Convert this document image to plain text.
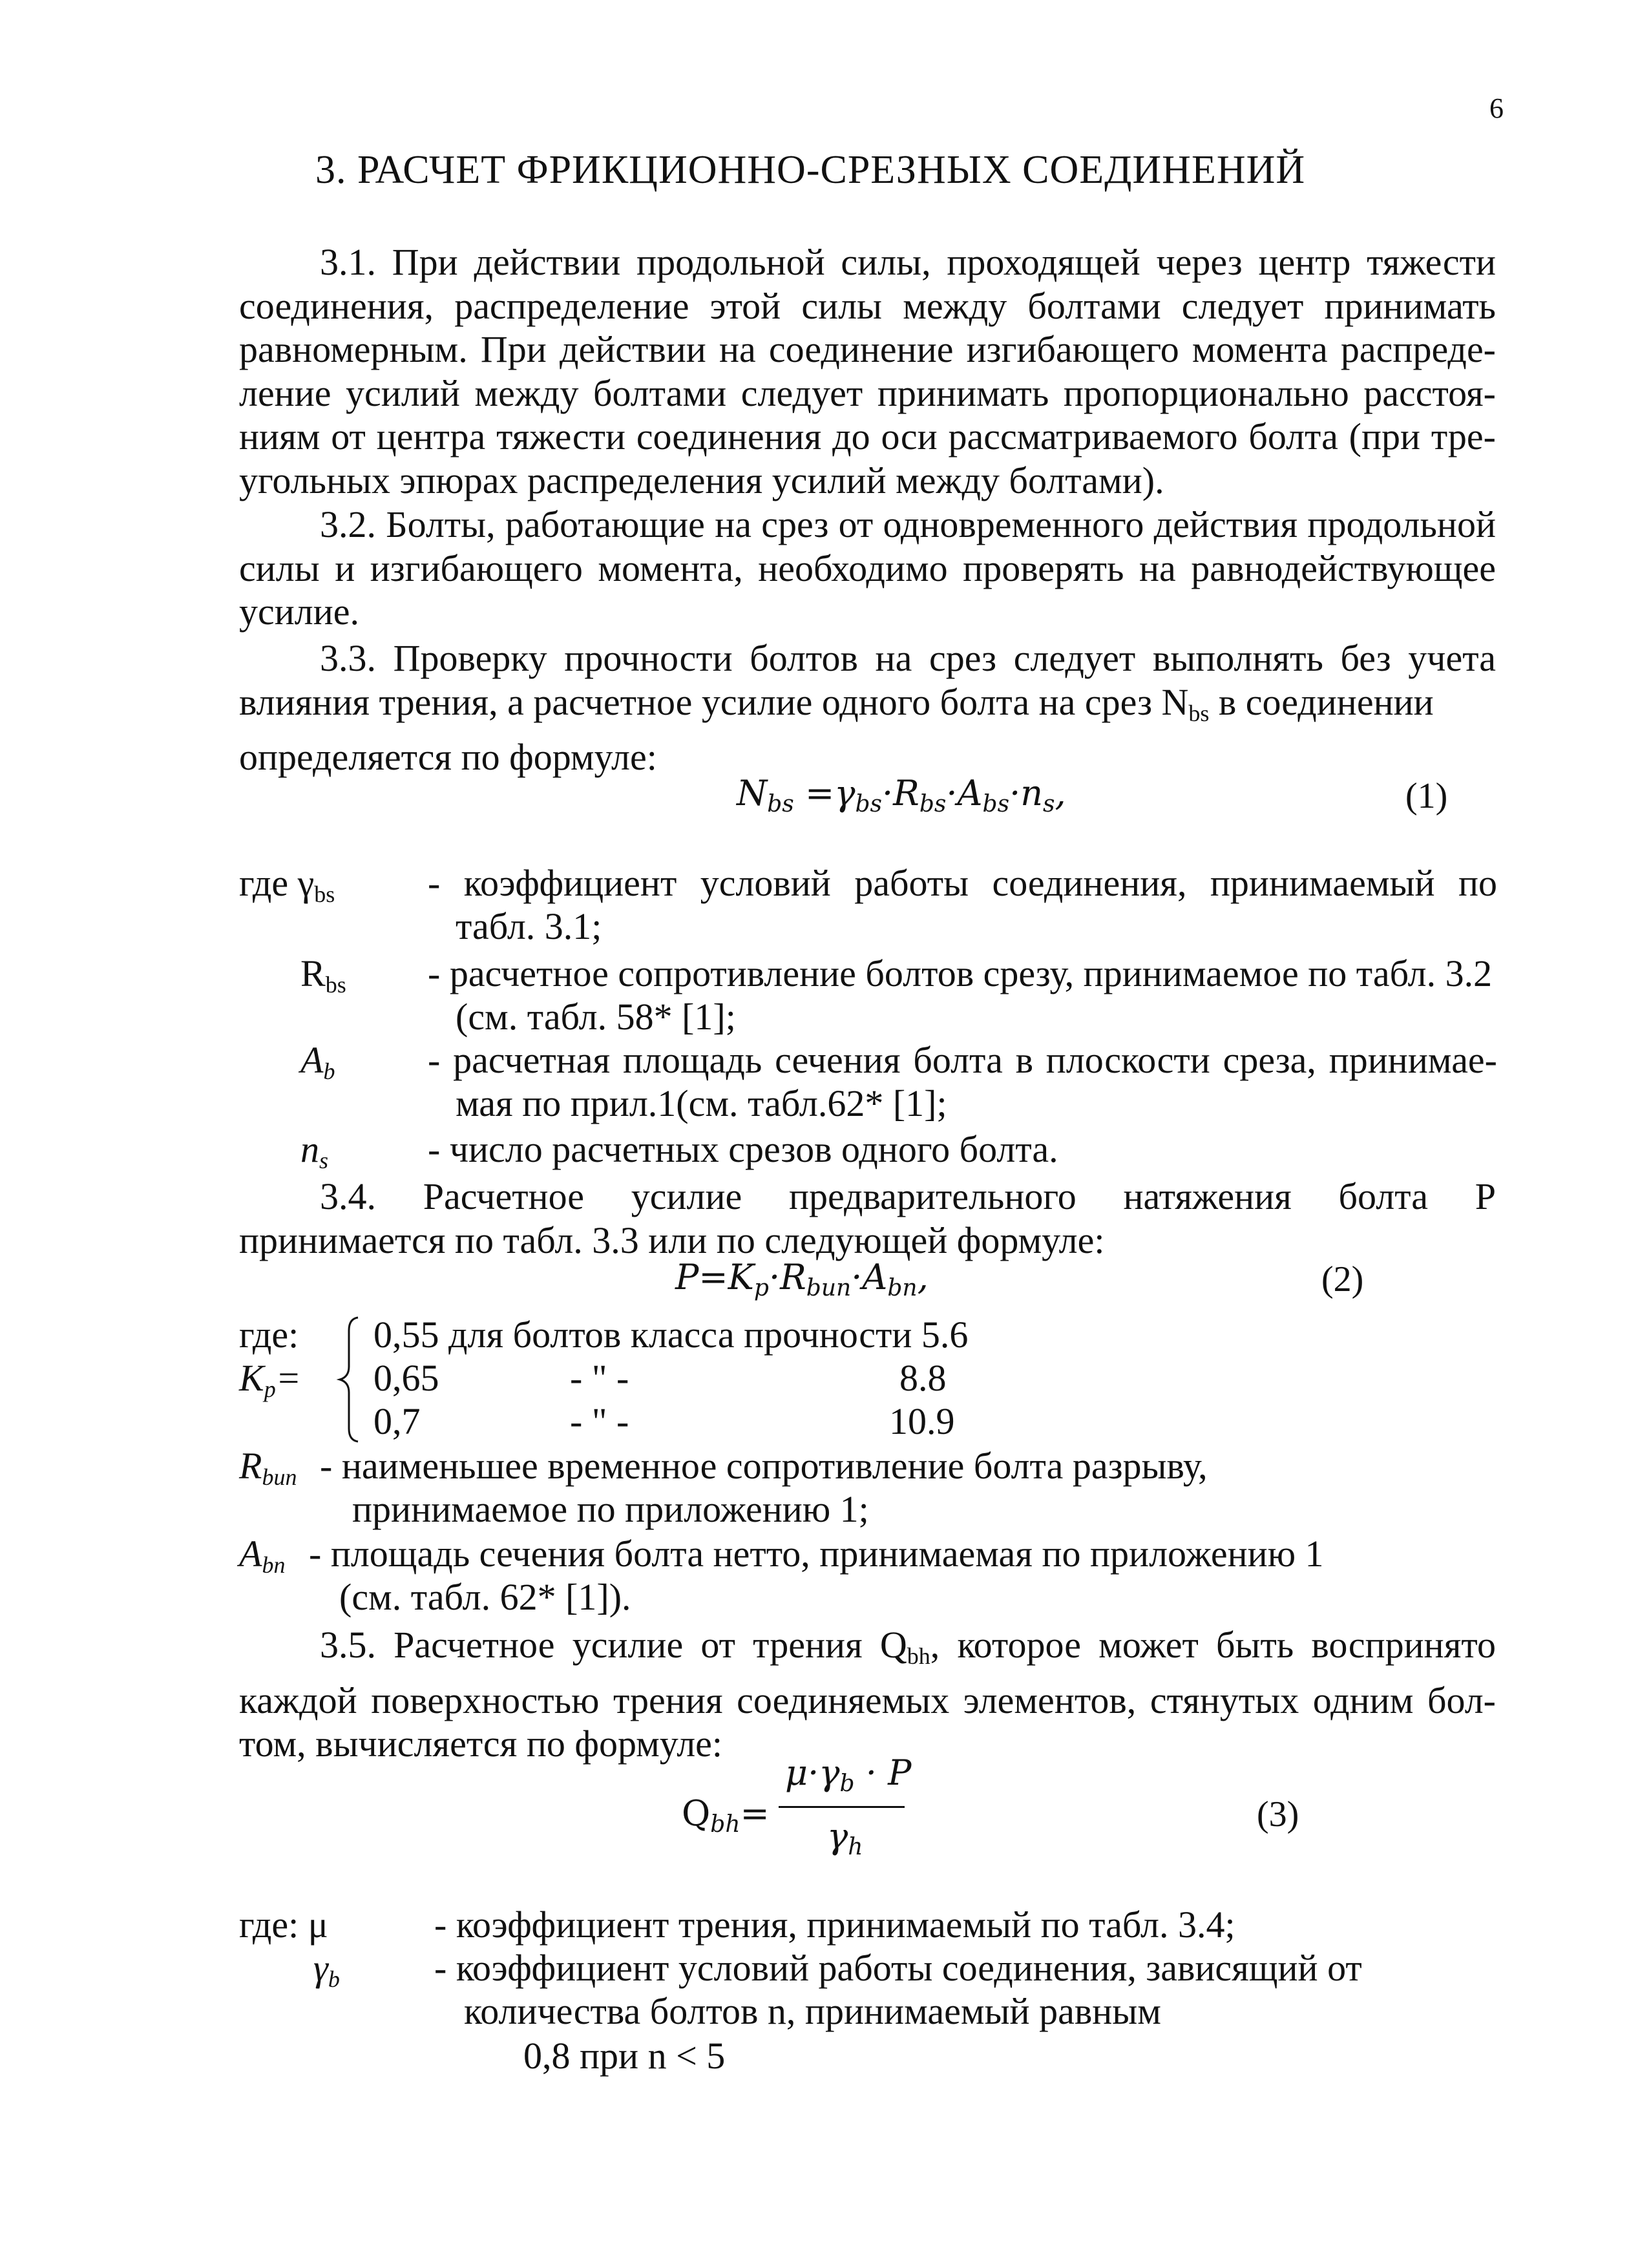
6
3. РАСЧЕТ ФРИКЦИОННО-СРЕЗНЫХ СОЕДИНЕНИЙ
3.1. При действии продольной силы, проходящей через центр тяжести
соединения, распределение этой силы между болтами следует принимать
равномерным. При действии на соединение изгибающего момента распреде-
ление усилий между болтами следует принимать пропорционально расстоя-
ниям от центра тяжести соединения до оси рассматриваемого болта (при тре-
угольных эпюрах распределения усилий между болтами).
3.2. Болты, работающие на срез от одновременного действия продольной
силы и изгибающего момента, необходимо проверять на равнодействующее
усилие.
3.3. Проверку прочности болтов на срез следует выполнять без учета
влияния трения, а расчетное усилие одного болта на срез $N_{bs}$ в соединении
определяется по формуле:
$N_{bs} =\gamma_{bs}\cdot R_{bs}\cdot A_{bs}\cdot n_s$,	(1)
где $\gamma_{bs}$ - коэффициент условий работы соединения, принимаемый по
табл. 3.1;
$R_{bs}$ - расчетное сопротивление болтов срезу, принимаемое по табл. 3.2
(см. табл. 58* [1];
$A_b$ - расчетная площадь сечения болта в плоскости среза, принимае-
мая по прил.1(см. табл.62* [1];
$n_s$	- число расчетных срезов одного болта.
3.4. Расчетное усилие предварительного натяжения болта Р
принимается по табл. 3.3 или по следующей формуле:
$P=K_p\cdot R_{bun}\cdot A_{bn}$,	(2)
где:
$K_p=$
0,55 для болтов класса прочности 5.6
0,65	- " -	8.8
0,7	- " -	10.9
$R_{bun}$ - наименьшее временное сопротивление болта разрыву,
принимаемое по приложению 1;
$A_{bn}$ - площадь сечения болта нетто, принимаемая по приложению 1
(см. табл. 62* [1]).
3.5. Расчетное усилие от трения $Q_{bh}$, которое может быть воспринято
каждой поверхностью трения соединяемых элементов, стянутых одним бол-
том, вычисляется по формуле:
$Q_{bh}=$
$\mu\cdot\gamma_b \cdot P$
$\gamma_h$
(3)
где: μ	- коэффициент трения, принимаемый по табл. 3.4;
$\gamma_b$	- коэффициент условий работы соединения, зависящий от
количества болтов n, принимаемый равным
0,8 при n < 5
